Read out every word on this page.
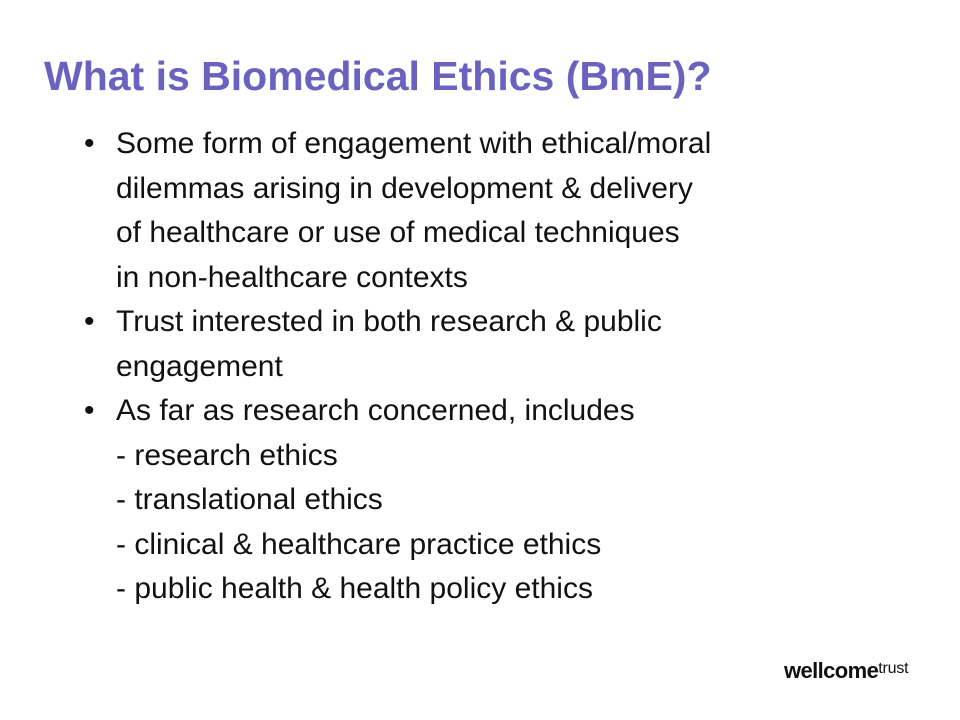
What is Biomedical Ethics (BmE)?
• Some form of engagement with ethical/moral
dilemmas arising in development & delivery
of healthcare or use of medical techniques
in non-healthcare contexts
• Trust interested in both research & public
engagement
• As far as research concerned, includes
- research ethics
- translational ethics
- clinical & healthcare practice ethics
- public health & health policy ethics
wellcometrust
